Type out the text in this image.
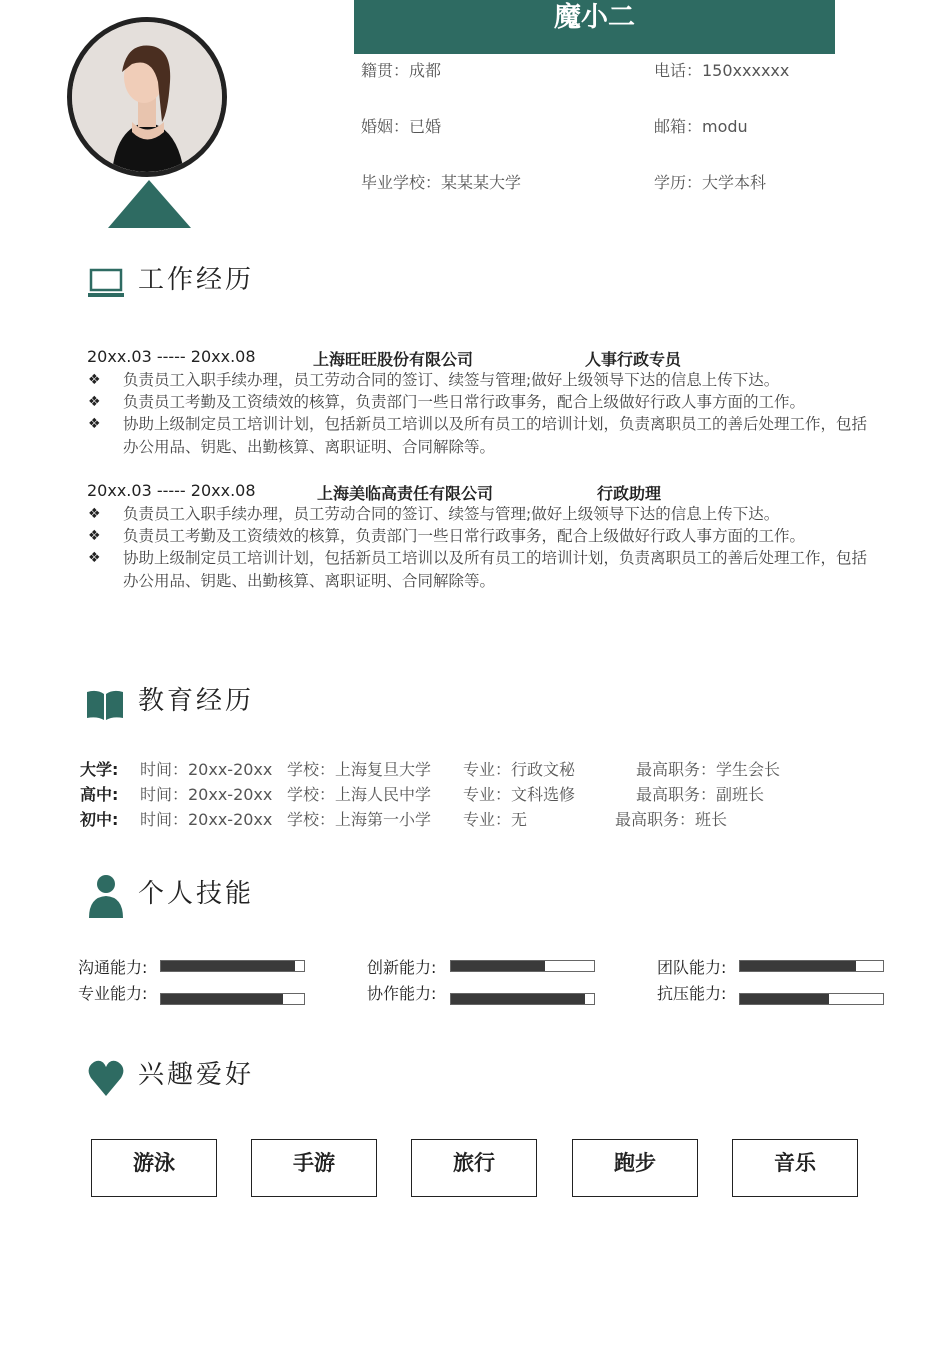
魔小二
籍贯：成都	电话：150xxxxxx
婚姻：已婚	邮箱：modu
毕业学校：某某某大学	学历：大学本科
工作经历
20xx.03 ----- 20xx.08	上海旺旺股份有限公司	人事行政专员
❖ 负责员工入职手续办理，员工劳动合同的签订、续签与管理;做好上级领导下达的信息上传下达。
❖ 负责员工考勤及工资绩效的核算，负责部门一些日常行政事务，配合上级做好行政人事方面的工作。
❖ 协助上级制定员工培训计划，包括新员工培训以及所有员工的培训计划，负责离职员工的善后处理工作，包括办公用品、钥匙、出勤核算、离职证明、合同解除等。
20xx.03 ----- 20xx.08	上海美临高责任有限公司	行政助理
❖ 负责员工入职手续办理，员工劳动合同的签订、续签与管理;做好上级领导下达的信息上传下达。
❖ 负责员工考勤及工资绩效的核算，负责部门一些日常行政事务，配合上级做好行政人事方面的工作。
❖ 协助上级制定员工培训计划，包括新员工培训以及所有员工的培训计划，负责离职员工的善后处理工作，包括办公用品、钥匙、出勤核算、离职证明、合同解除等。
教育经历
大学: 时间：20xx-20xx 学校：上海复旦大学 专业：行政文秘	最高职务：学生会长
高中: 时间：20xx-20xx 学校：上海人民中学 专业：文科选修	最高职务：副班长
初中: 时间：20xx-20xx 学校：上海第一小学 专业：无	最高职务：班长
个人技能
沟通能力:	创新能力:	团队能力:
专业能力:	协作能力:	抗压能力:
兴趣爱好
游泳	手游	旅行	跑步	音乐
